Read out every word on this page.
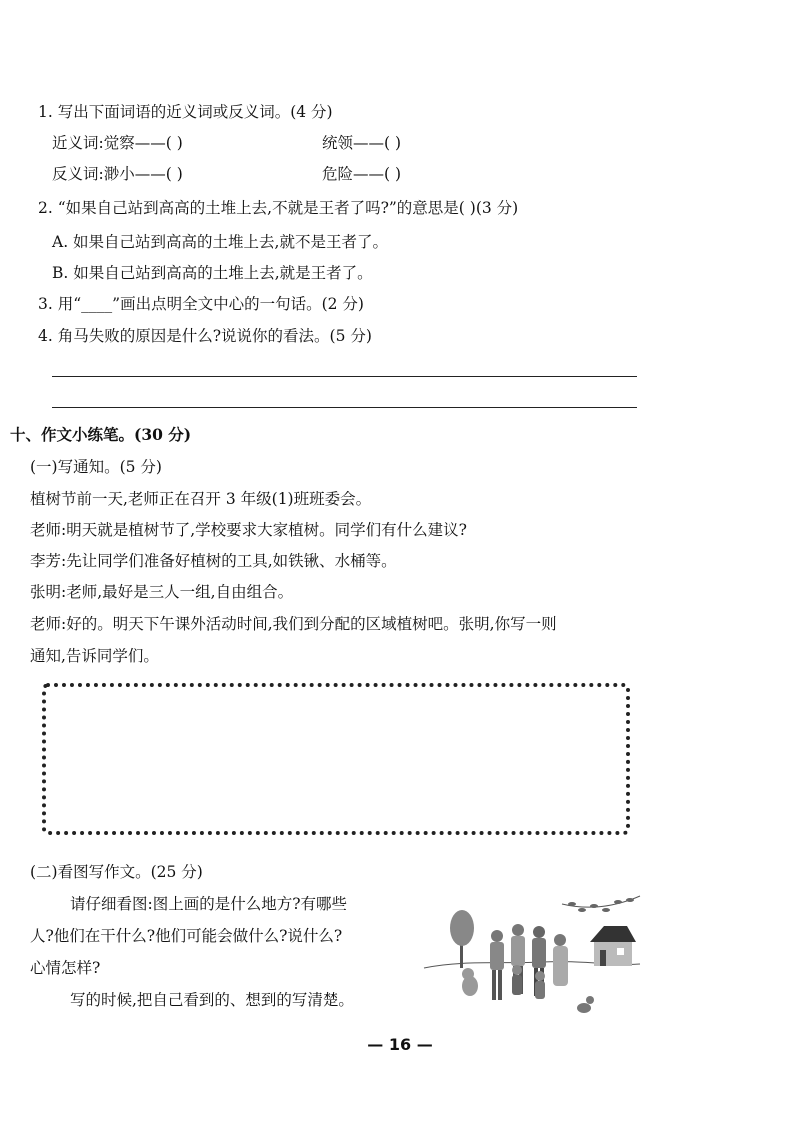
1. 写出下面词语的近义词或反义词。(4 分)
近义词:觉察——( )	统领——( )
反义词:渺小——( )	危险——( )
2. “如果自己站到高高的土堆上去,不就是王者了吗?”的意思是( )(3 分)
A. 如果自己站到高高的土堆上去,就不是王者了。
B. 如果自己站到高高的土堆上去,就是王者了。
3. 用“____”画出点明全文中心的一句话。(2 分)
4. 角马失败的原因是什么?说说你的看法。(5 分)
十、作文小练笔。(30 分)
(一)写通知。(5 分)
植树节前一天,老师正在召开 3 年级(1)班班委会。
老师:明天就是植树节了,学校要求大家植树。同学们有什么建议?
李芳:先让同学们准备好植树的工具,如铁锹、水桶等。
张明:老师,最好是三人一组,自由组合。
老师:好的。明天下午课外活动时间,我们到分配的区域植树吧。张明,你写一则
通知,告诉同学们。
(二)看图写作文。(25 分)
请仔细看图:图上画的是什么地方?有哪些
人?他们在干什么?他们可能会做什么?说什么?
心情怎样?
写的时候,把自己看到的、想到的写清楚。
— 16 —
